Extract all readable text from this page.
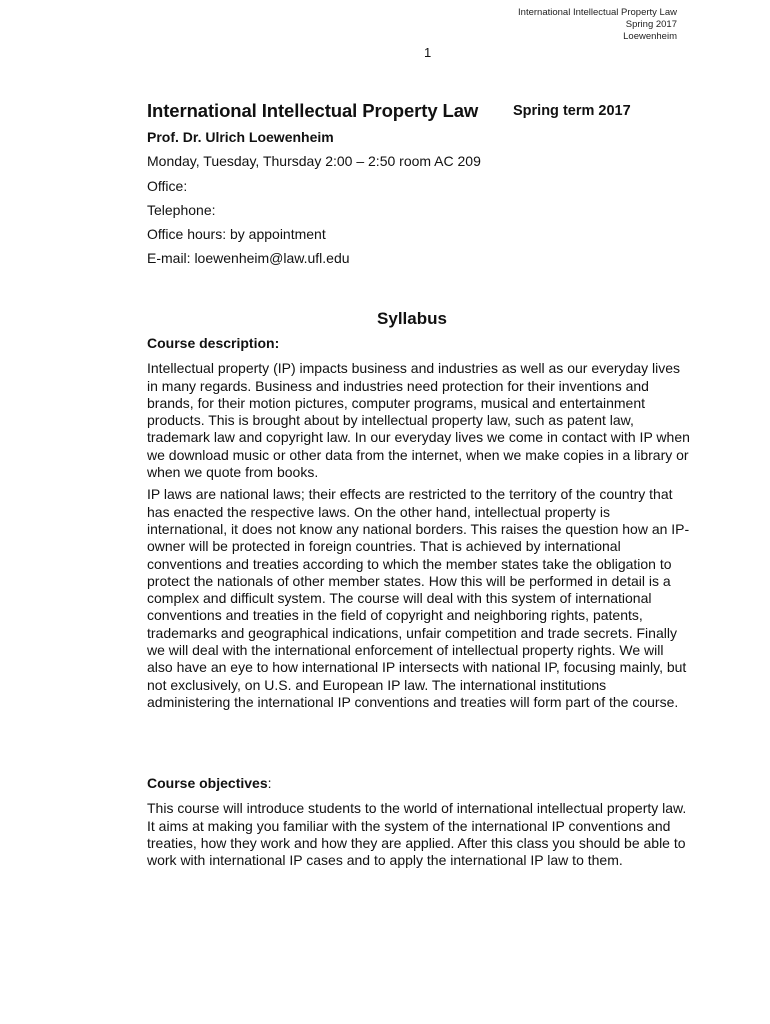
International Intellectual Property Law
Spring 2017
Loewenheim
1
International Intellectual Property Law Spring term 2017
Prof. Dr. Ulrich Loewenheim
Monday, Tuesday, Thursday 2:00 – 2:50 room AC 209
Office:
Telephone:
Office hours: by appointment
E-mail: loewenheim@law.ufl.edu
Syllabus
Course description:

Intellectual property (IP) impacts business and industries as well as our everyday lives in many regards. Business and industries need protection for their inventions and brands, for their motion pictures, computer programs, musical and entertainment products. This is brought about by intellectual property law, such as patent law, trademark law and copyright law. In our everyday lives we come in contact with IP when we download music or other data from the internet, when we make copies in a library or when we quote from books.

IP laws are national laws; their effects are restricted to the territory of the country that has enacted the respective laws. On the other hand, intellectual property is international, it does not know any national borders. This raises the question how an IP-owner will be protected in foreign countries. That is achieved by international conventions and treaties according to which the member states take the obligation to protect the nationals of other member states. How this will be performed in detail is a complex and difficult system. The course will deal with this system of international conventions and treaties in the field of copyright and neighboring rights, patents, trademarks and geographical indications, unfair competition and trade secrets. Finally we will deal with the international enforcement of intellectual property rights. We will also have an eye to how international IP intersects with national IP, focusing mainly, but not exclusively, on U.S. and European IP law. The international institutions administering the international IP conventions and treaties will form part of the course.

Course objectives:

This course will introduce students to the world of international intellectual property law. It aims at making you familiar with the system of the international IP conventions and treaties, how they work and how they are applied. After this class you should be able to work with international IP cases and to apply the international IP law to them.
